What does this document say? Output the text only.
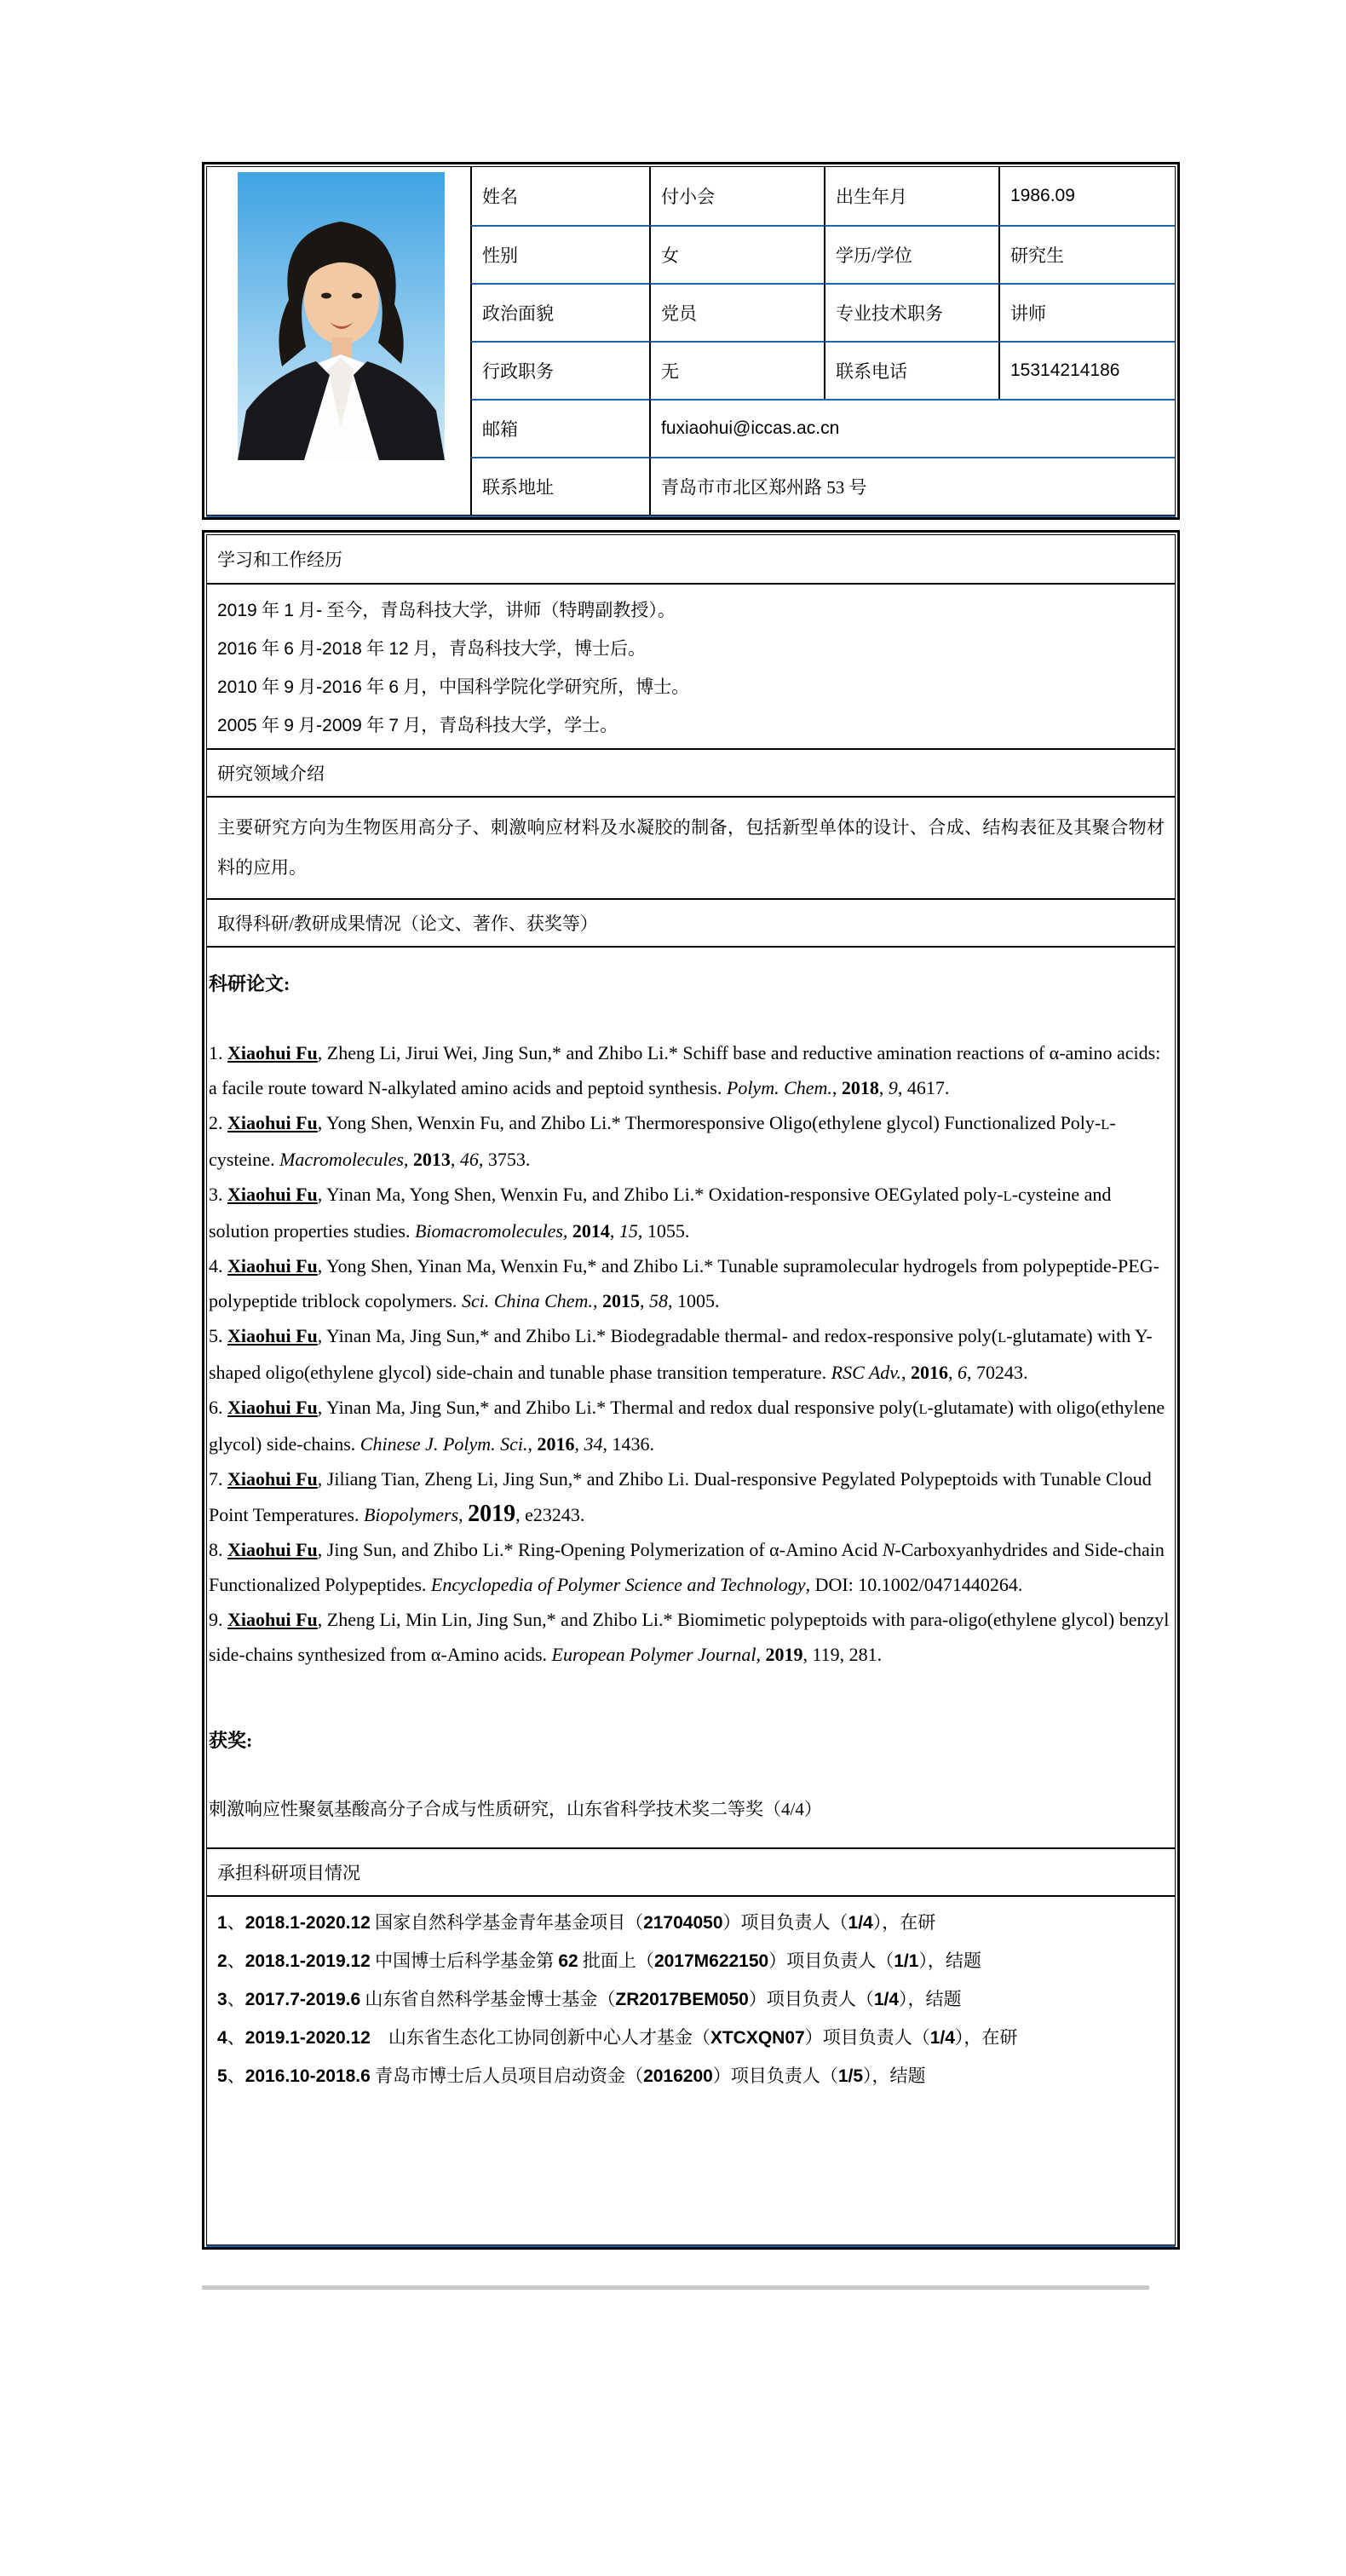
姓名	付小会	出生年月	1986.09
性别	女	学历/学位	研究生
政治面貌	党员	专业技术职务	讲师
行政职务	无	联系电话	15314214186
邮箱	fuxiaohui@iccas.ac.cn
联系地址	青岛市市北区郑州路 53 号
学习和工作经历
2019 年 1 月- 至今，青岛科技大学，讲师（特聘副教授）。
2016 年 6 月-2018 年 12 月，青岛科技大学，博士后。
2010 年 9 月-2016 年 6 月，中国科学院化学研究所，博士。
2005 年 9 月-2009 年 7 月，青岛科技大学，学士。
研究领域介绍

主要研究方向为生物医用高分子、刺激响应材料及水凝胶的制备，包括新型单体的设计、合成、结构表征及其聚合物材料的应用。

取得科研/教研成果情况（论文、著作、获奖等）

科研论文:

1. Xiaohui Fu, Zheng Li, Jirui Wei, Jing Sun,* and Zhibo Li.* Schiff base and reductive amination reactions of α-amino acids: a facile route toward N-alkylated amino acids and peptoid synthesis. Polym. Chem., 2018, 9, 4617.

2. Xiaohui Fu, Yong Shen, Wenxin Fu, and Zhibo Li.* Thermoresponsive Oligo(ethylene glycol) Functionalized Poly-L-cysteine. Macromolecules, 2013, 46, 3753.

3. Xiaohui Fu, Yinan Ma, Yong Shen, Wenxin Fu, and Zhibo Li.* Oxidation-responsive OEGylated poly-L-cysteine and solution properties studies. Biomacromolecules, 2014, 15, 1055.

4. Xiaohui Fu, Yong Shen, Yinan Ma, Wenxin Fu,* and Zhibo Li.* Tunable supramolecular hydrogels from polypeptide-PEG-polypeptide triblock copolymers. Sci. China Chem., 2015, 58, 1005.

5. Xiaohui Fu, Yinan Ma, Jing Sun,* and Zhibo Li.* Biodegradable thermal- and redox-responsive poly(L-glutamate) with Y-shaped oligo(ethylene glycol) side-chain and tunable phase transition temperature. RSC Adv., 2016, 6, 70243.

6. Xiaohui Fu, Yinan Ma, Jing Sun,* and Zhibo Li.* Thermal and redox dual responsive poly(L-glutamate) with oligo(ethylene glycol) side-chains. Chinese J. Polym. Sci., 2016, 34, 1436.

7. Xiaohui Fu, Jiliang Tian, Zheng Li, Jing Sun,* and Zhibo Li. Dual-responsive Pegylated Polypeptoids with Tunable Cloud Point Temperatures. Biopolymers, 2019, e23243.

8. Xiaohui Fu, Jing Sun, and Zhibo Li.* Ring-Opening Polymerization of α-Amino Acid N-Carboxyanhydrides and Side-chain Functionalized Polypeptides. Encyclopedia of Polymer Science and Technology, DOI: 10.1002/0471440264.

9. Xiaohui Fu, Zheng Li, Min Lin, Jing Sun,* and Zhibo Li.* Biomimetic polypeptoids with para-oligo(ethylene glycol) benzyl side-chains synthesized from α-Amino acids. European Polymer Journal, 2019, 119, 281.

获奖:

刺激响应性聚氨基酸高分子合成与性质研究，山东省科学技术奖二等奖（4/4）

承担科研项目情况
1、2018.1-2020.12 国家自然科学基金青年基金项目（21704050）项目负责人（1/4），在研
2、2018.1-2019.12 中国博士后科学基金第 62 批面上（2017M622150）项目负责人（1/1），结题
3、2017.7-2019.6 山东省自然科学基金博士基金（ZR2017BEM050）项目负责人（1/4），结题
4、2019.1-2020.12　山东省生态化工协同创新中心人才基金（XTCXQN07）项目负责人（1/4），在研
5、2016.10-2018.6 青岛市博士后人员项目启动资金（2016200）项目负责人（1/5），结题
